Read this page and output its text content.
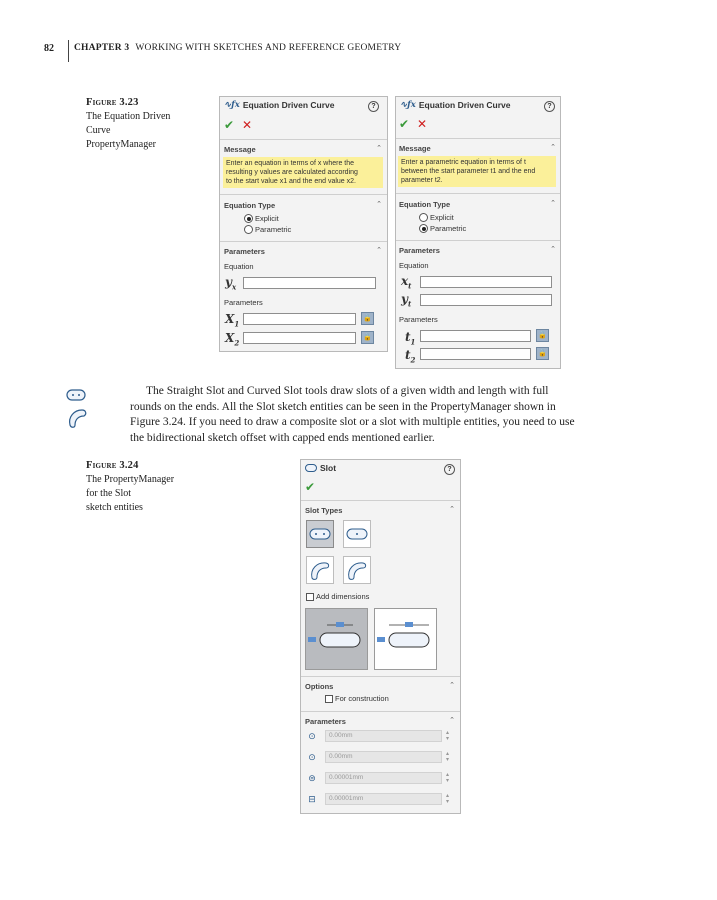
82 CHAPTER 3 WORKING WITH SKETCHES AND REFERENCE GEOMETRY
Figure 3.23
The Equation Driven
Curve
PropertyManager
∿ƒx Equation Driven Curve	?
✔ ✕
Message	⌃
Enter an equation in terms of x where the
resulting y values are calculated according
to the start value x1 and the end value x2.
Equation Type	⌃
Explicit
Parametric
Parameters	⌃
Equation
$y_x$
Parameters
$X_1$
🔒
$X_2$
🔒
∿ƒx Equation Driven Curve	?
✔ ✕
Message	⌃
Enter a parametric equation in terms of t
between the start parameter t1 and the end
parameter t2.
Equation Type	⌃
Explicit
Parametric
Parameters	⌃
Equation
$x_t$
$y_t$
Parameters
$t_1$
🔒
$t_2$
🔒
The Straight Slot and Curved Slot tools draw slots of a given width and length with full
rounds on the ends. All the Slot sketch entities can be seen in the PropertyManager shown in
Figure 3.24. If you need to draw a composite slot or a slot with multiple entities, you need to use
the bidirectional sketch offset with capped ends mentioned earlier.
Figure 3.24
The PropertyManager
for the Slot
sketch entities
Slot	?
✔
Slot Types	⌃
Add dimensions
Options	⌃
For construction
Parameters	⌃
⊙	0.00mm	▴
▾
⊙	0.00mm	▴
▾
⊜	0.00001mm	▴
▾
⊟	0.00001mm	▴
▾
